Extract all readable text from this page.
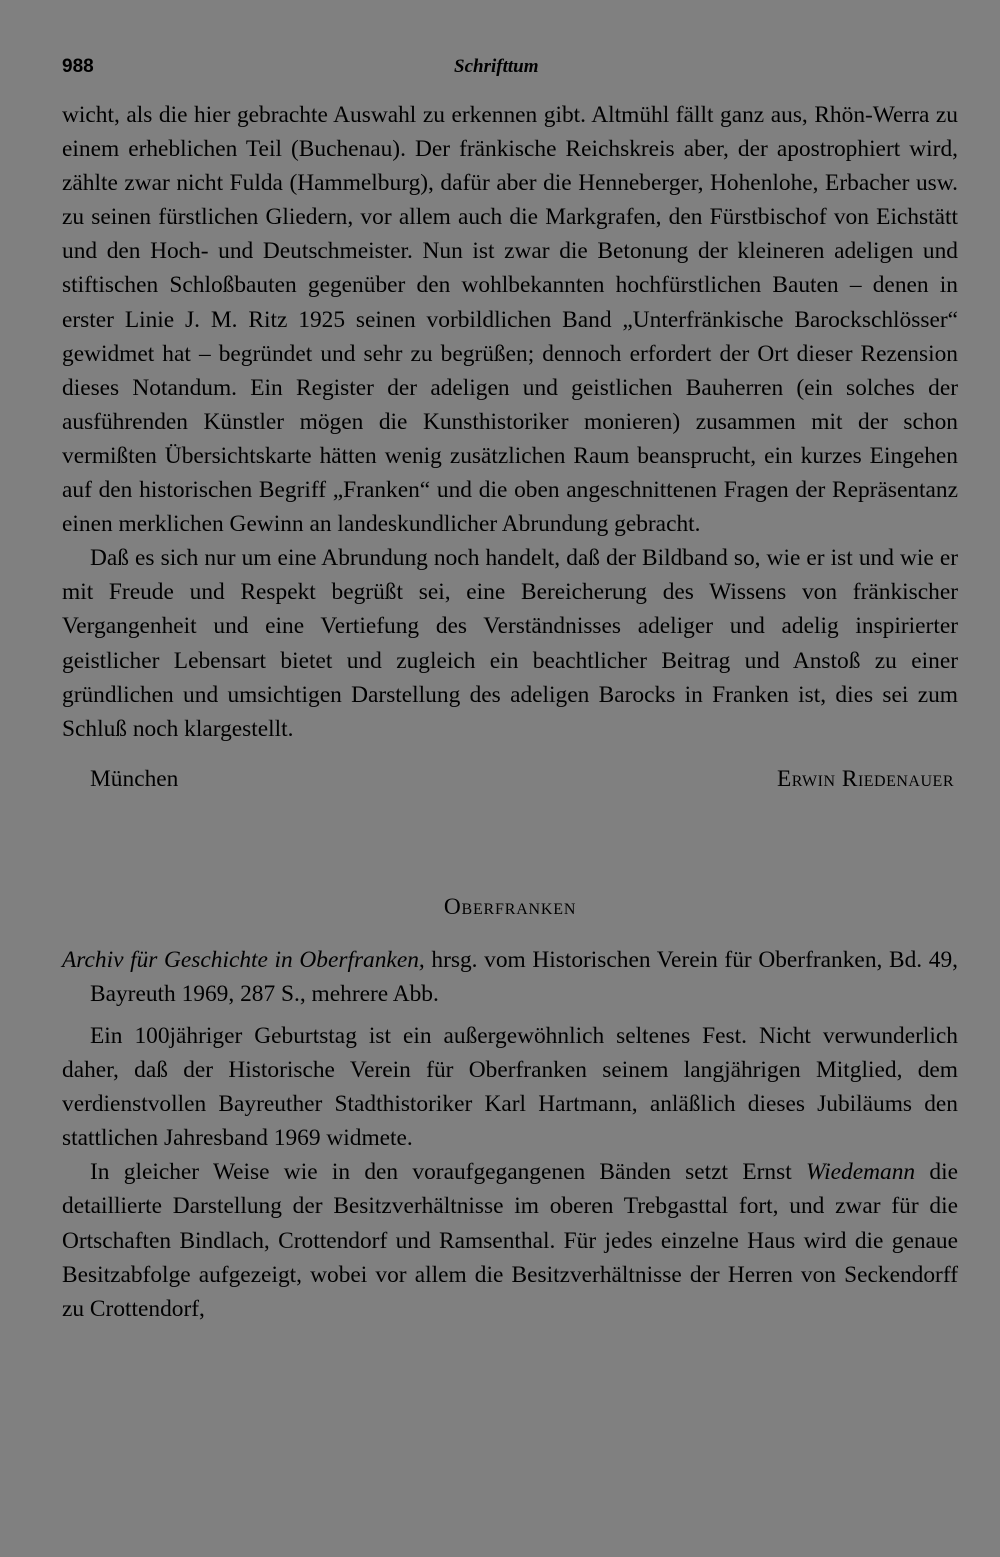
988	Schrifttum

wicht, als die hier gebrachte Auswahl zu erkennen gibt. Altmühl fällt ganz aus, Rhön-Werra zu einem erheblichen Teil (Buchenau). Der fränkische Reichskreis aber, der apostrophiert wird, zählte zwar nicht Fulda (Hammelburg), dafür aber die Henneberger, Hohenlohe, Erbacher usw. zu seinen fürstlichen Gliedern, vor allem auch die Markgrafen, den Fürstbischof von Eichstätt und den Hoch- und Deutschmeister. Nun ist zwar die Betonung der kleineren adeligen und stiftischen Schloßbauten gegenüber den wohlbekannten hochfürstlichen Bauten – denen in erster Linie J. M. Ritz 1925 seinen vorbildlichen Band „Unterfränkische Barockschlösser“ gewidmet hat – begründet und sehr zu begrüßen; dennoch erfordert der Ort dieser Rezension dieses Notandum. Ein Register der adeligen und geistlichen Bauherren (ein solches der ausführenden Künstler mögen die Kunsthistoriker monieren) zusammen mit der schon vermißten Übersichtskarte hätten wenig zusätzlichen Raum beansprucht, ein kurzes Eingehen auf den historischen Begriff „Franken“ und die oben angeschnittenen Fragen der Repräsentanz einen merklichen Gewinn an landeskundlicher Abrundung gebracht.

Daß es sich nur um eine Abrundung noch handelt, daß der Bildband so, wie er ist und wie er mit Freude und Respekt begrüßt sei, eine Bereicherung des Wissens von fränkischer Vergangenheit und eine Vertiefung des Verständnisses adeliger und adelig inspirierter geistlicher Lebensart bietet und zugleich ein beachtlicher Beitrag und Anstoß zu einer gründlichen und umsichtigen Darstellung des adeligen Barocks in Franken ist, dies sei zum Schluß noch klargestellt.

München	Erwin Riedenauer
Oberfranken
Archiv für Geschichte in Oberfranken, hrsg. vom Historischen Verein für Oberfranken, Bd. 49, Bayreuth 1969, 287 S., mehrere Abb.

Ein 100jähriger Geburtstag ist ein außergewöhnlich seltenes Fest. Nicht verwunderlich daher, daß der Historische Verein für Oberfranken seinem langjährigen Mitglied, dem verdienstvollen Bayreuther Stadthistoriker Karl Hartmann, anläßlich dieses Jubiläums den stattlichen Jahresband 1969 widmete.

In gleicher Weise wie in den voraufgegangenen Bänden setzt Ernst Wiedemann die detaillierte Darstellung der Besitzverhältnisse im oberen Trebgasttal fort, und zwar für die Ortschaften Bindlach, Crottendorf und Ramsenthal. Für jedes einzelne Haus wird die genaue Besitzabfolge aufgezeigt, wobei vor allem die Besitzverhältnisse der Herren von Seckendorff zu Crottendorf,
